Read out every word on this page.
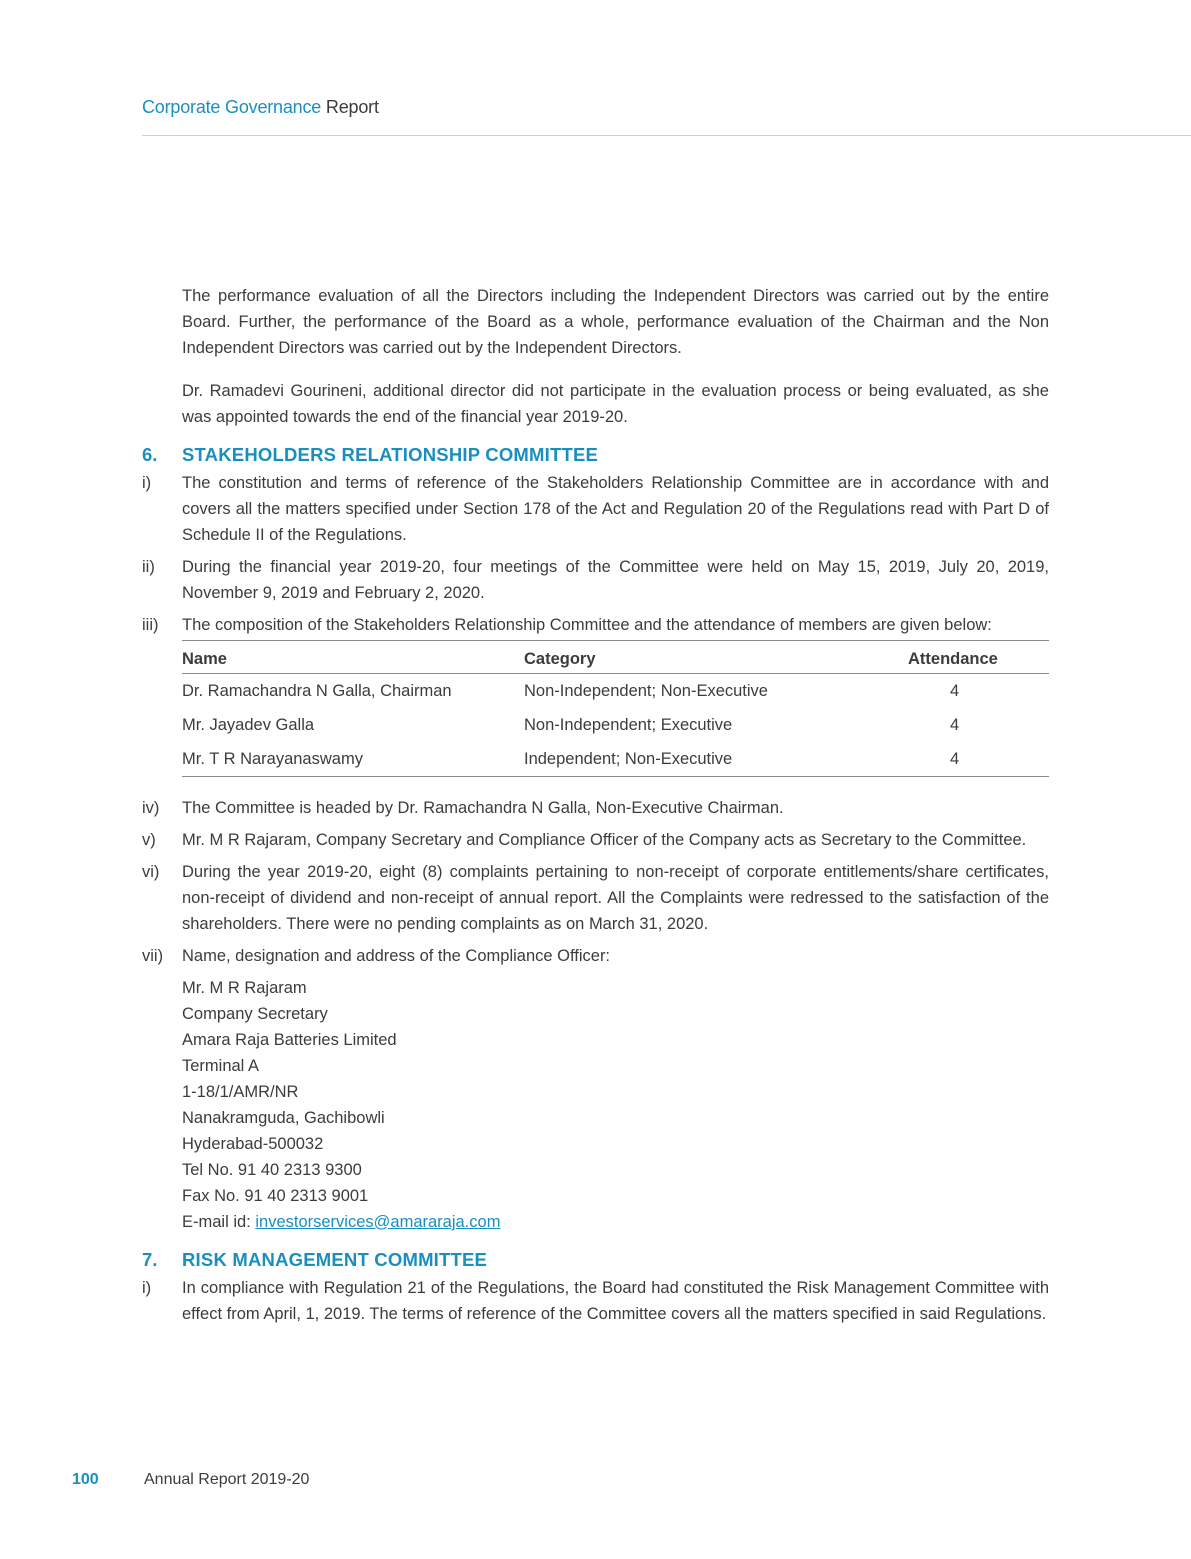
Corporate Governance Report

The performance evaluation of all the Directors including the Independent Directors was carried out by the entire Board. Further, the performance of the Board as a whole, performance evaluation of the Chairman and the Non Independent Directors was carried out by the Independent Directors.

Dr. Ramadevi Gourineni, additional director did not participate in the evaluation process or being evaluated, as she was appointed towards the end of the financial year 2019-20.

6.	STAKEHOLDERS RELATIONSHIP COMMITTEE
i)	The constitution and terms of reference of the Stakeholders Relationship Committee are in accordance with and covers all the matters specified under Section 178 of the Act and Regulation 20 of the Regulations read with Part D of Schedule II of the Regulations.
ii)	During the financial year 2019-20, four meetings of the Committee were held on May 15, 2019, July 20, 2019, November 9, 2019 and February 2, 2020.
iii)	The composition of the Stakeholders Relationship Committee and the attendance of members are given below:
Name	Category	Attendance
Dr. Ramachandra N Galla, Chairman	Non-Independent; Non-Executive	4
Mr. Jayadev Galla	Non-Independent; Executive	4
Mr. T R Narayanaswamy	Independent; Non-Executive	4
iv)	The Committee is headed by Dr. Ramachandra N Galla, Non-Executive Chairman.
v)	Mr. M R Rajaram, Company Secretary and Compliance Officer of the Company acts as Secretary to the Committee.
vi)	During the year 2019-20, eight (8) complaints pertaining to non-receipt of corporate entitlements/share certificates, non-receipt of dividend and non-receipt of annual report. All the Complaints were redressed to the satisfaction of the shareholders. There were no pending complaints as on March 31, 2020.
vii)	Name, designation and address of the Compliance Officer:
Mr. M R Rajaram
Company Secretary
Amara Raja Batteries Limited
Terminal A
1-18/1/AMR/NR
Nanakramguda, Gachibowli
Hyderabad-500032
Tel No. 91 40 2313 9300
Fax No. 91 40 2313 9001
E-mail id: investorservices@amararaja.com
7.	RISK MANAGEMENT COMMITTEE
i)	In compliance with Regulation 21 of the Regulations, the Board had constituted the Risk Management Committee with effect from April, 1, 2019. The terms of reference of the Committee covers all the matters specified in said Regulations.
100	Annual Report 2019-20
